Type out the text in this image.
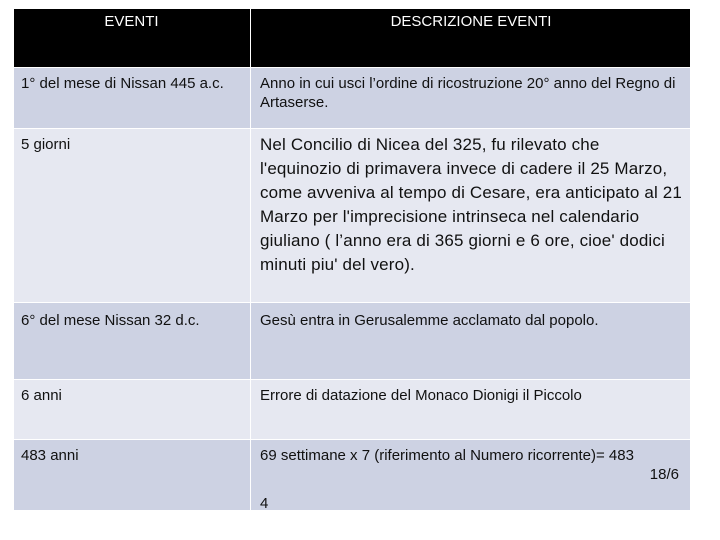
EVENTI	DESCRIZIONE EVENTI
1° del mese di Nissan 445 a.c.	Anno in cui usci l’ordine di ricostruzione 20° anno del Regno di Artaserse.
5 giorni	Nel Concilio di Nicea del 325, fu rilevato che l'equinozio di primavera invece di cadere il 25 Marzo, come avveniva al tempo di Cesare, era anticipato al 21 Marzo per l'imprecisione intrinseca nel calendario giuliano ( l’anno era di 365 giorni e 6 ore, cioe' dodici minuti piu' del vero).
6° del mese Nissan 32 d.c.	Gesù entra in Gerusalemme acclamato dal popolo.
6 anni	Errore di datazione del Monaco Dionigi il Piccolo
483 anni	69 settimane x 7 (riferimento al Numero ricorrente)= 483
18/6
4
